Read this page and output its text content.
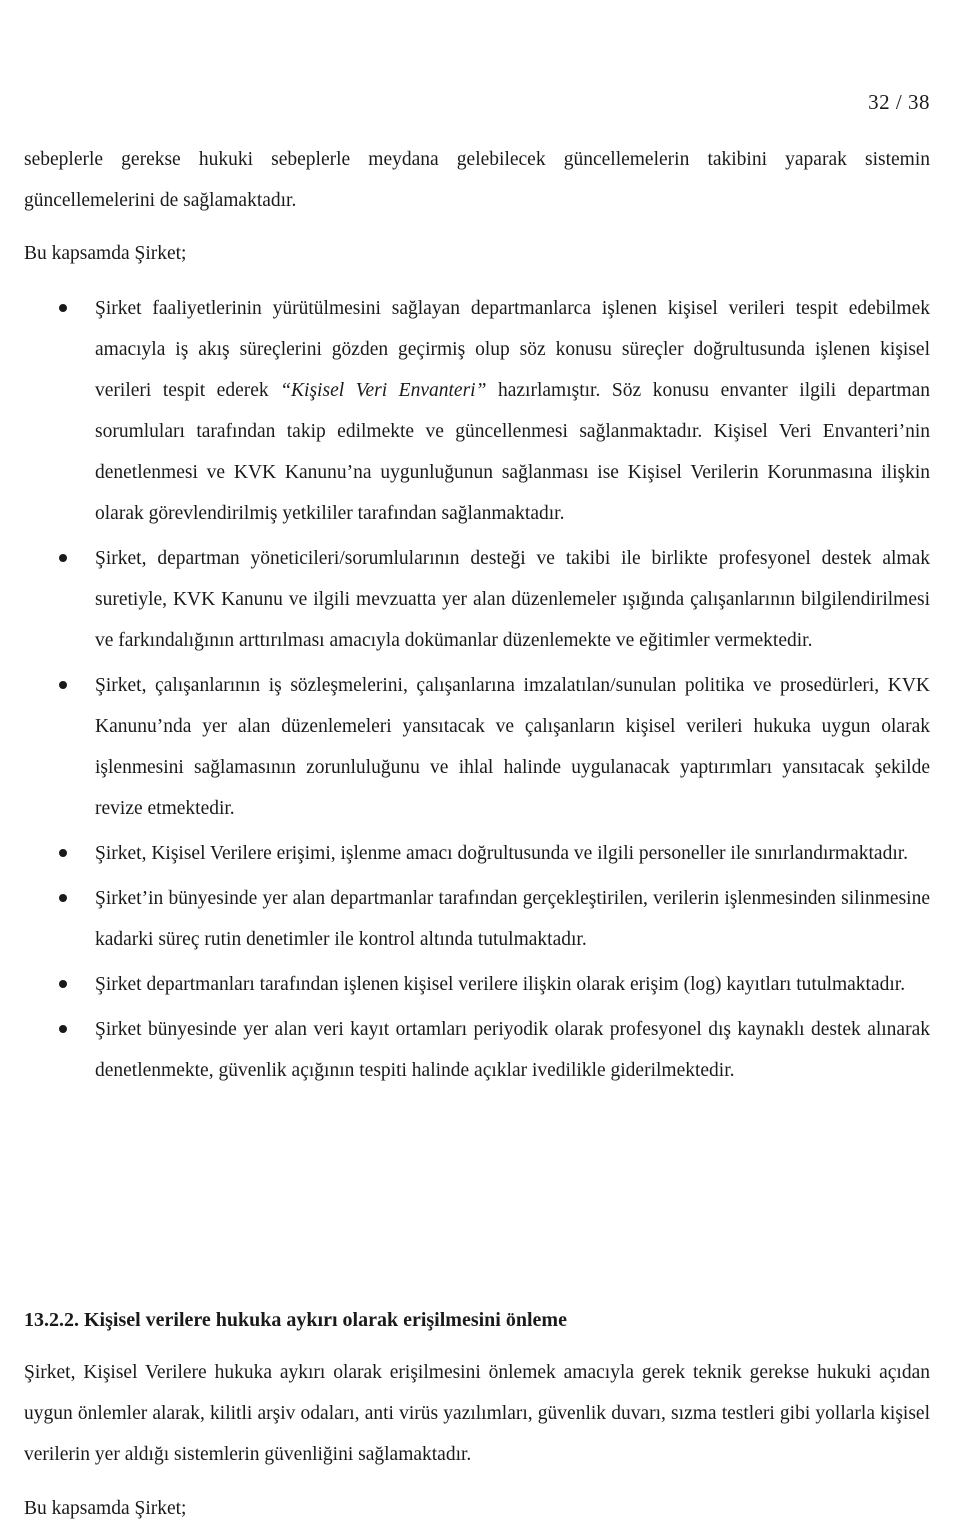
32 / 38

sebeplerle gerekse hukuki sebeplerle meydana gelebilecek güncellemelerin takibini yaparak sistemin güncellemelerini de sağlamaktadır.

Bu kapsamda Şirket;

Şirket faaliyetlerinin yürütülmesini sağlayan departmanlarca işlenen kişisel verileri tespit edebilmek amacıyla iş akış süreçlerini gözden geçirmiş olup söz konusu süreçler doğrultusunda işlenen kişisel verileri tespit ederek “Kişisel Veri Envanteri” hazırlamıştır. Söz konusu envanter ilgili departman sorumluları tarafından takip edilmekte ve güncellenmesi sağlanmaktadır. Kişisel Veri Envanteri’nin denetlenmesi ve KVK Kanunu’na uygunluğunun sağlanması ise Kişisel Verilerin Korunmasına ilişkin olarak görevlendirilmiş yetkililer tarafından sağlanmaktadır.
Şirket, departman yöneticileri/sorumlularının desteği ve takibi ile birlikte profesyonel destek almak suretiyle, KVK Kanunu ve ilgili mevzuatta yer alan düzenlemeler ışığında çalışanlarının bilgilendirilmesi ve farkındalığının arttırılması amacıyla dokümanlar düzenlemekte ve eğitimler vermektedir.
Şirket, çalışanlarının iş sözleşmelerini, çalışanlarına imzalatılan/sunulan politika ve prosedürleri, KVK Kanunu’nda yer alan düzenlemeleri yansıtacak ve çalışanların kişisel verileri hukuka uygun olarak işlenmesini sağlamasının zorunluluğunu ve ihlal halinde uygulanacak yaptırımları yansıtacak şekilde revize etmektedir.
Şirket, Kişisel Verilere erişimi, işlenme amacı doğrultusunda ve ilgili personeller ile sınırlandırmaktadır.
Şirket’in bünyesinde yer alan departmanlar tarafından gerçekleştirilen, verilerin işlenmesinden silinmesine kadarki süreç rutin denetimler ile kontrol altında tutulmaktadır.
Şirket departmanları tarafından işlenen kişisel verilere ilişkin olarak erişim (log) kayıtları tutulmaktadır.
Şirket bünyesinde yer alan veri kayıt ortamları periyodik olarak profesyonel dış kaynaklı destek alınarak denetlenmekte, güvenlik açığının tespiti halinde açıklar ivedilikle giderilmektedir.
13.2.2. Kişisel verilere hukuka aykırı olarak erişilmesini önleme

Şirket, Kişisel Verilere hukuka aykırı olarak erişilmesini önlemek amacıyla gerek teknik gerekse hukuki açıdan uygun önlemler alarak, kilitli arşiv odaları, anti virüs yazılımları, güvenlik duvarı, sızma testleri gibi yollarla kişisel verilerin yer aldığı sistemlerin güvenliğini sağlamaktadır.

Bu kapsamda Şirket;
